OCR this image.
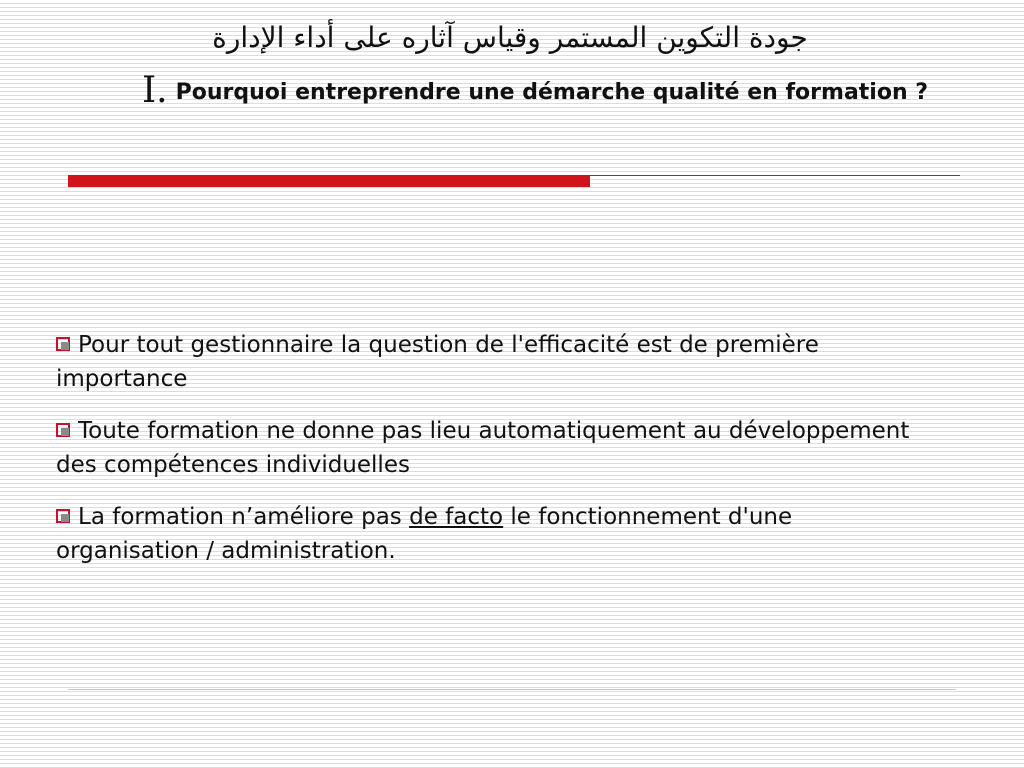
جودة التكوين المستمر وقياس آثاره على أداء الإدارة
I. Pourquoi entreprendre une démarche qualité en formation ?
Pour tout gestionnaire la question de l'efficacité est de première importance
Toute formation ne donne pas lieu automatiquement au développement des compétences individuelles
La formation n’améliore pas de facto le fonctionnement d'une organisation / administration.
